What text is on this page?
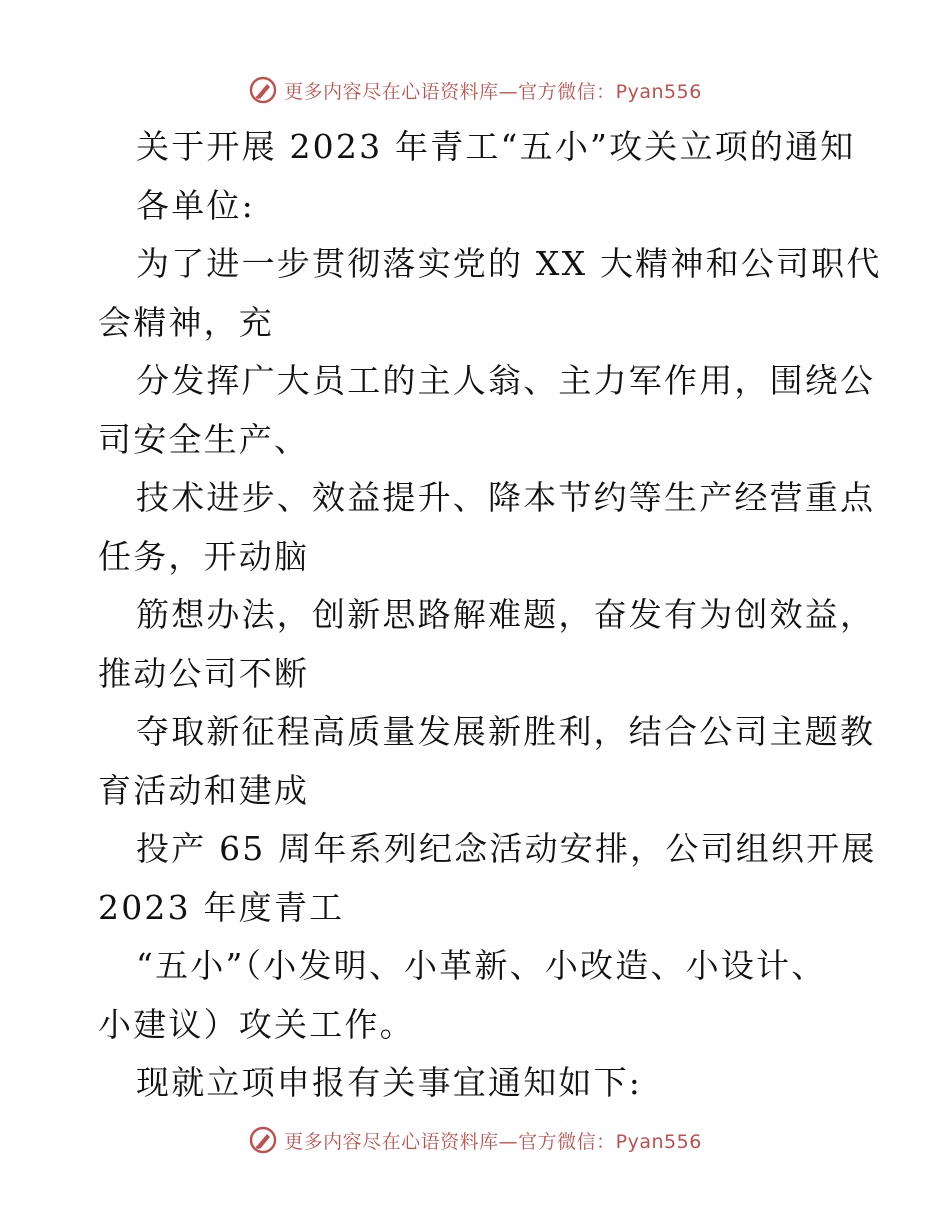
更多内容尽在心语资料库—官方微信：Pyan556
关于开展 2023 年青工“五小”攻关立项的通知
各单位:
为了进一步贯彻落实党的 XX 大精神和公司职代
会精神，充
分发挥广大员工的主人翁、主力军作用，围绕公
司安全生产、
技术进步、效益提升、降本节约等生产经营重点
任务，开动脑
筋想办法，创新思路解难题，奋发有为创效益，
推动公司不断
夺取新征程高质量发展新胜利，结合公司主题教
育活动和建成
投产 65 周年系列纪念活动安排，公司组织开展
2023 年度青工
“五小”（小发明、小革新、小改造、小设计、
小建议）攻关工作。
现就立项申报有关事宜通知如下:
更多内容尽在心语资料库—官方微信：Pyan556
